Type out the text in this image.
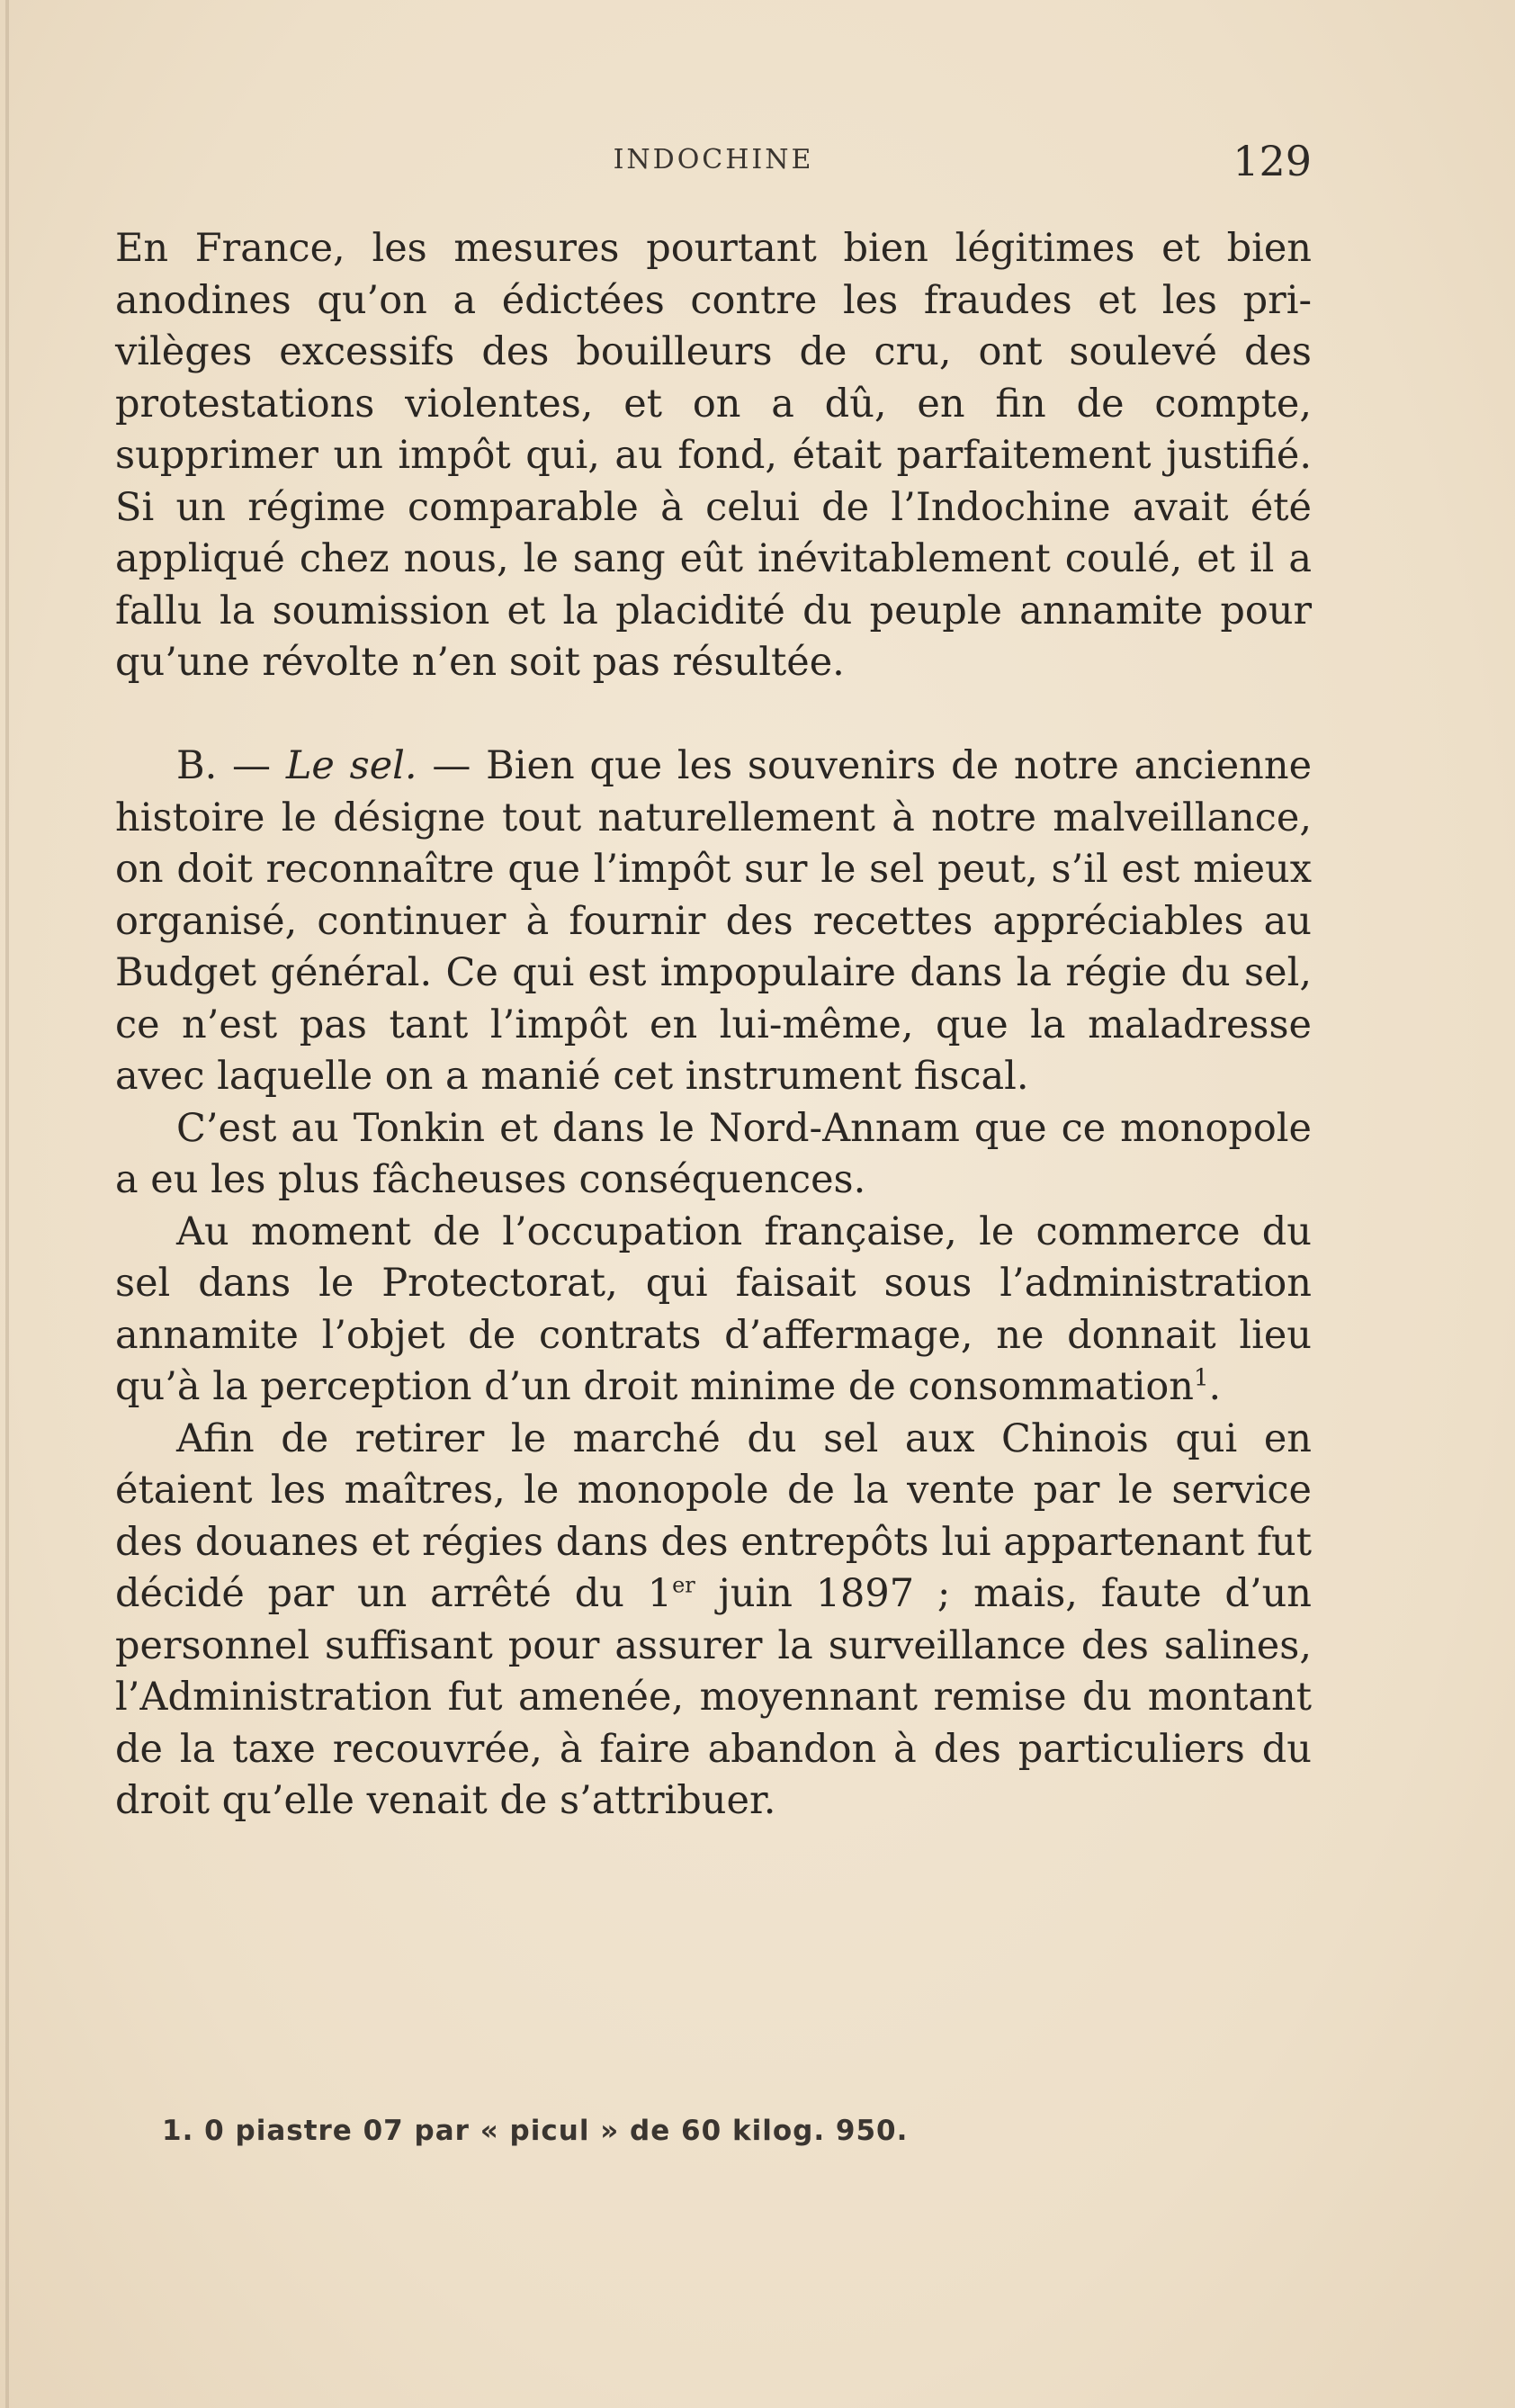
INDOCHINE	129

En France, les mesures pourtant bien légitimes et bien anodines qu’on a édictées contre les fraudes et les privilèges excessifs des bouilleurs de cru, ont soulevé des protestations violentes, et on a dû, en fin de compte, supprimer un impôt qui, au fond, était parfaitement justifié. Si un régime comparable à celui de l’Indochine avait été appliqué chez nous, le sang eût inévitablement coulé, et il a fallu la soumission et la placidité du peuple annamite pour qu’une révolte n’en soit pas résultée.

B. — Le sel. — Bien que les souvenirs de notre ancienne histoire le désigne tout naturellement à notre malveillance, on doit reconnaître que l’impôt sur le sel peut, s’il est mieux organisé, continuer à fournir des recettes appréciables au Budget général. Ce qui est impopulaire dans la régie du sel, ce n’est pas tant l’impôt en lui-même, que la maladresse avec laquelle on a manié cet instrument fiscal.

C’est au Tonkin et dans le Nord-Annam que ce monopole a eu les plus fâcheuses conséquences.

Au moment de l’occupation française, le commerce du sel dans le Protectorat, qui faisait sous l’administration annamite l’objet de contrats d’affermage, ne donnait lieu qu’à la perception d’un droit minime de consommation$^1$.

Afin de retirer le marché du sel aux Chinois qui en étaient les maîtres, le monopole de la vente par le service des douanes et régies dans des entrepôts lui appartenant fut décidé par un arrêté du 1er juin 1897 ; mais, faute d’un personnel suffisant pour assurer la surveillance des salines, l’Administration fut amenée, moyennant remise du montant de la taxe recouvrée, à faire abandon à des particuliers du droit qu’elle venait de s’attribuer.

1. 0 piastre 07 par « picul » de 60 kilog. 950.
